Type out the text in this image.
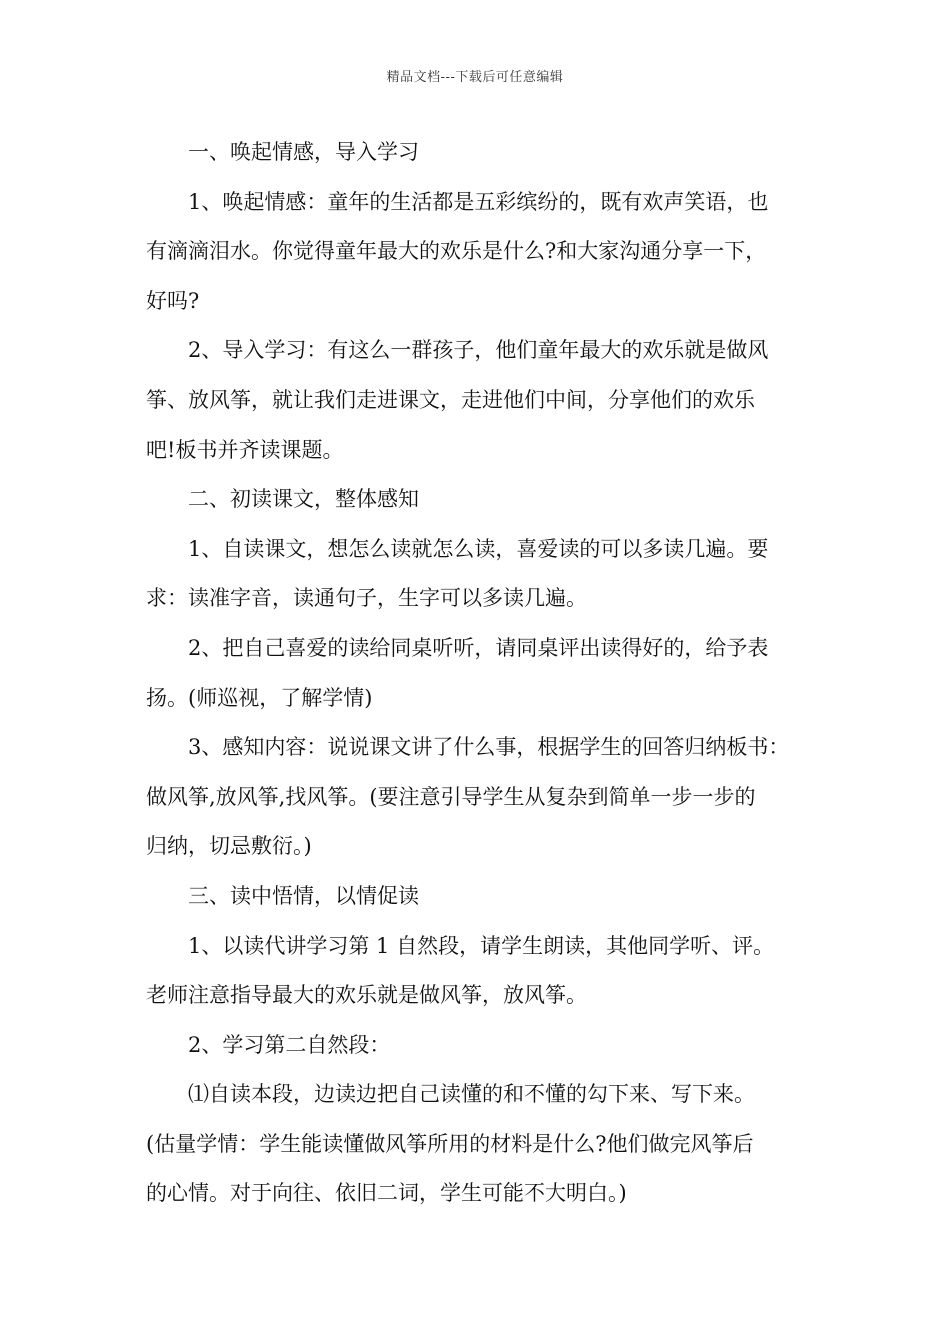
精品文档---下载后可任意编辑
一、唤起情感，导入学习
1、唤起情感：童年的生活都是五彩缤纷的，既有欢声笑语，也
有滴滴泪水。你觉得童年最大的欢乐是什么?和大家沟通分享一下，
好吗?
2、导入学习：有这么一群孩子，他们童年最大的欢乐就是做风
筝、放风筝，就让我们走进课文，走进他们中间，分享他们的欢乐
吧!板书并齐读课题。
二、初读课文，整体感知
1、自读课文，想怎么读就怎么读，喜爱读的可以多读几遍。要
求：读准字音，读通句子，生字可以多读几遍。
2、把自己喜爱的读给同桌听听，请同桌评出读得好的，给予表
扬。(师巡视，了解学情)
3、感知内容：说说课文讲了什么事，根据学生的回答归纳板书：
做风筝,放风筝,找风筝。(要注意引导学生从复杂到简单一步一步的
归纳，切忌敷衍。)
三、读中悟情，以情促读
1、以读代讲学习第 1 自然段，请学生朗读，其他同学听、评。
老师注意指导最大的欢乐就是做风筝，放风筝。
2、学习第二自然段：
⑴自读本段，边读边把自己读懂的和不懂的勾下来、写下来。
(估量学情：学生能读懂做风筝所用的材料是什么?他们做完风筝后
的心情。对于向往、依旧二词，学生可能不大明白。)
